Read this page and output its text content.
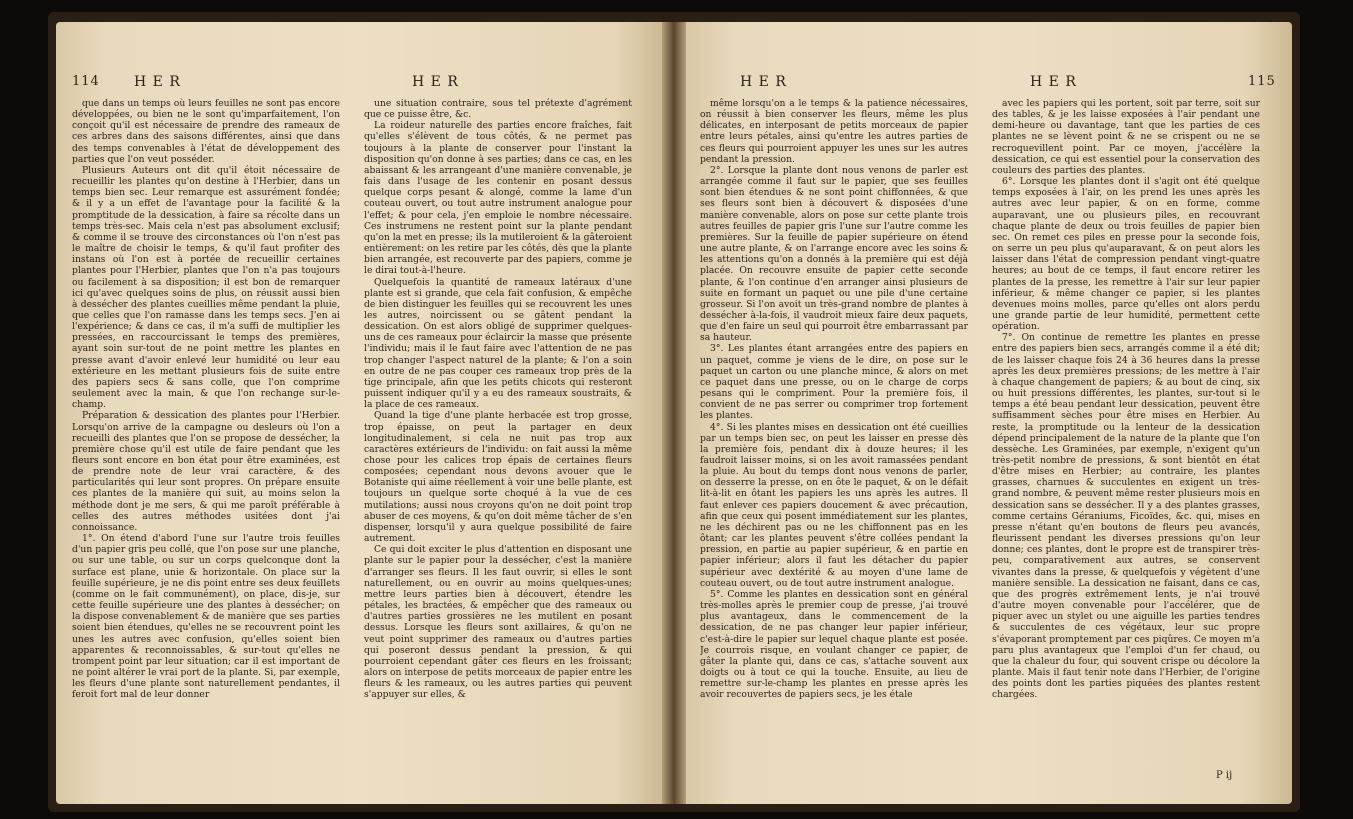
114 H E R	H E R

que dans un temps où leurs feuilles ne sont pas encore développées, ou bien ne le sont qu'imparfaitement, l'on conçoit qu'il est nécessaire de prendre des rameaux de ces arbres dans des saisons différentes, ainsi que dans des temps convenables à l'état de développement des parties que l'on veut posséder.

Plusieurs Auteurs ont dit qu'il étoit nécessaire de recueillir les plantes qu'on destine à l'Herbier, dans un temps bien sec. Leur remarque est assurément fondée; & il y a un effet de l'avantage pour la facilité & la promptitude de la dessication, à faire sa récolte dans un temps très-sec. Mais cela n'est pas absolument exclusif; & comme il se trouve des circonstances où l'on n'est pas le maître de choisir le temps, & qu'il faut profiter des instans où l'on est à portée de recueillir certaines plantes pour l'Herbier, plantes que l'on n'a pas toujours ou facilement à sa disposition; il est bon de remarquer ici qu'avec quelques soins de plus, on réussit aussi bien à dessécher des plantes cueillies même pendant la pluie, que celles que l'on ramasse dans les temps secs. J'en ai l'expérience; & dans ce cas, il m'a suffi de multiplier les pressées, en raccourcissant le temps des premières, ayant soin sur-tout de ne point mettre les plantes en presse avant d'avoir enlevé leur humidité ou leur eau extérieure en les mettant plusieurs fois de suite entre des papiers secs & sans colle, que l'on comprime seulement avec la main, & que l'on rechange sur-le-champ.

Préparation & dessication des plantes pour l'Herbier. Lorsqu'on arrive de la campagne ou desleurs où l'on a recueilli des plantes que l'on se propose de dessécher, la première chose qu'il est utile de faire pendant que les fleurs sont encore en bon état pour être examinées, est de prendre note de leur vrai caractère, & des particularités qui leur sont propres. On prépare ensuite ces plantes de la manière qui suit, au moins selon la méthode dont je me sers, & qui me paroît préférable à celles des autres méthodes usitées dont j'ai connoissance.

1°. On étend d'abord l'une sur l'autre trois feuilles d'un papier gris peu collé, que l'on pose sur une planche, ou sur une table, ou sur un corps quelconque dont la surface est plane, unie & horizontale. On place sur la feuille supérieure, je ne dis point entre ses deux feuillets (comme on le fait communément), on place, dis-je, sur cette feuille supérieure une des plantes à dessécher; on la dispose convenablement & de manière que ses parties soient bien étendues, qu'elles ne se recouvrent point les unes les autres avec confusion, qu'elles soient bien apparentes & reconnoissables, & sur-tout qu'elles ne trompent point par leur situation; car il est important de ne point altérer le vrai port de la plante. Si, par exemple, les fleurs d'une plante sont naturellement pendantes, il feroit fort mal de leur donner

une situation contraire, sous tel prétexte d'agrément que ce puisse être, &c.

La roideur naturelle des parties encore fraîches, fait qu'elles s'élèvent de tous côtés, & ne permet pas toujours à la plante de conserver pour l'instant la disposition qu'on donne à ses parties; dans ce cas, en les abaissant & les arrangeant d'une manière convenable, je fais dans l'usage de les contenir en posant dessus quelque corps pesant & alongé, comme la lame d'un couteau ouvert, ou tout autre instrument analogue pour l'effet; & pour cela, j'en emploie le nombre nécessaire. Ces instrumens ne restent point sur la plante pendant qu'on la met en presse; ils la mutileroient & la gâteroient entièrement: on les retire par les côtés, dès que la plante bien arrangée, est recouverte par des papiers, comme je le dirai tout-à-l'heure.

Quelquefois la quantité de rameaux latéraux d'une plante est si grande, que cela fait confusion, & empêche de bien distinguer les feuilles qui se recouvrent les unes les autres, noircissent ou se gâtent pendant la dessication. On est alors obligé de supprimer quelques-uns de ces rameaux pour éclaircir la masse que présente l'individu; mais il le faut faire avec l'attention de ne pas trop changer l'aspect naturel de la plante; & l'on a soin en outre de ne pas couper ces rameaux trop près de la tige principale, afin que les petits chicots qui resteront puissent indiquer qu'il y a eu des rameaux soustraits, & la place de ces rameaux.

Quand la tige d'une plante herbacée est trop grosse, trop épaisse, on peut la partager en deux longitudinalement, si cela ne nuit pas trop aux caractères extérieurs de l'individu: on fait aussi la même chose pour les calices trop épais de certaines fleurs composées; cependant nous devons avouer que le Botaniste qui aime réellement à voir une belle plante, est toujours un quelque sorte choqué à la vue de ces mutilations; aussi nous croyons qu'on ne doit point trop abuser de ces moyens, & qu'on doit même tâcher de s'en dispenser, lorsqu'il y aura quelque possibilité de faire autrement.

Ce qui doit exciter le plus d'attention en disposant une plante sur le papier pour la dessécher, c'est la manière d'arranger ses fleurs. Il les faut ouvrir, si elles le sont naturellement, ou en ouvrir au moins quelques-unes; mettre leurs parties bien à découvert, étendre les pétales, les bractées, & empêcher que des rameaux ou d'autres parties grossières ne les mutilent en posant dessus. Lorsque les fleurs sont axillaires, & qu'on ne veut point supprimer des rameaux ou d'autres parties qui poseront dessus pendant la pression, & qui pourroient cependant gâter ces fleurs en les froissant; alors on interpose de petits morceaux de papier entre les fleurs & les rameaux, ou les autres parties qui peuvent s'appuyer sur elles, &

H E R	H E R	115

même lorsqu'on a le temps & la patience nécessaires, on réussit à bien conserver les fleurs, même les plus délicates, en interposant de petits morceaux de papier entre leurs pétales, ainsi qu'entre les autres parties de ces fleurs qui pourroient appuyer les unes sur les autres pendant la pression.

2°. Lorsque la plante dont nous venons de parler est arrangée comme il faut sur le papier, que ses feuilles sont bien étendues & ne sont point chiffonnées, & que ses fleurs sont bien à découvert & disposées d'une manière convenable, alors on pose sur cette plante trois autres feuilles de papier gris l'une sur l'autre comme les premières. Sur la feuille de papier supérieure on étend une autre plante, & on l'arrange encore avec les soins & les attentions qu'on a donnés à la première qui est déjà placée. On recouvre ensuite de papier cette seconde plante, & l'on continue d'en arranger ainsi plusieurs de suite en formant un paquet ou une pile d'une certaine grosseur. Si l'on avoit un très-grand nombre de plantes à dessécher à-la-fois, il vaudroit mieux faire deux paquets, que d'en faire un seul qui pourroit être embarrassant par sa hauteur.

3°. Les plantes étant arrangées entre des papiers en un paquet, comme je viens de le dire, on pose sur le paquet un carton ou une planche mince, & alors on met ce paquet dans une presse, ou on le charge de corps pesans qui le compriment. Pour la première fois, il convient de ne pas serrer ou comprimer trop fortement les plantes.

4°. Si les plantes mises en dessication ont été cueillies par un temps bien sec, on peut les laisser en presse dès la première fois, pendant dix à douze heures; il les faudroit laisser moins, si on les avoit ramassées pendant la pluie. Au bout du temps dont nous venons de parler, on desserre la presse, on en ôte le paquet, & on le défait lit-à-lit en ôtant les papiers les uns après les autres. Il faut enlever ces papiers doucement & avec précaution, afin que ceux qui posent immédiatement sur les plantes, ne les déchirent pas ou ne les chiffonnent pas en les ôtant; car les plantes peuvent s'être collées pendant la pression, en partie au papier supérieur, & en partie en papier inférieur; alors il faut les détacher du papier supérieur avec dextérité & au moyen d'une lame de couteau ouvert, ou de tout autre instrument analogue.

5°. Comme les plantes en dessication sont en général très-molles après le premier coup de presse, j'ai trouvé plus avantageux, dans le commencement de la dessication, de ne pas changer leur papier inférieur, c'est-à-dire le papier sur lequel chaque plante est posée. Je courrois risque, en voulant changer ce papier, de gâter la plante qui, dans ce cas, s'attache souvent aux doigts ou à tout ce qui la touche. Ensuite, au lieu de remettre sur-le-champ les plantes en presse après les avoir recouvertes de papiers secs, je les étale

avec les papiers qui les portent, soit par terre, soit sur des tables, & je les laisse exposées à l'air pendant une demi-heure ou davantage, tant que les parties de ces plantes ne se lèvent point & ne se crispent ou ne se recroquevillent point. Par ce moyen, j'accélère la dessication, ce qui est essentiel pour la conservation des couleurs des parties des plantes.

6°. Lorsque les plantes dont il s'agit ont été quelque temps exposées à l'air, on les prend les unes après les autres avec leur papier, & on en forme, comme auparavant, une ou plusieurs piles, en recouvrant chaque plante de deux ou trois feuilles de papier bien sec. On remet ces piles en presse pour la seconde fois, on serre un peu plus qu'auparavant, & on peut alors les laisser dans l'état de compression pendant vingt-quatre heures; au bout de ce temps, il faut encore retirer les plantes de la presse, les remettre à l'air sur leur papier inférieur, & même changer ce papier, si les plantes devenues moins molles, parce qu'elles ont alors perdu une grande partie de leur humidité, permettent cette opération.

7°. On continue de remettre les plantes en presse entre des papiers bien secs, arrangés comme il a été dit; de les laisser chaque fois 24 à 36 heures dans la presse après les deux premières pressions; de les mettre à l'air à chaque changement de papiers; & au bout de cinq, six ou huit pressions différentes, les plantes, sur-tout si le temps a été beau pendant leur dessication, peuvent être suffisamment sèches pour être mises en Herbier. Au reste, la promptitude ou la lenteur de la dessication dépend principalement de la nature de la plante que l'on dessèche. Les Graminées, par exemple, n'exigent qu'un très-petit nombre de pressions, & sont bientôt en état d'être mises en Herbier; au contraire, les plantes grasses, charnues & succulentes en exigent un très-grand nombre, & peuvent même rester plusieurs mois en dessication sans se dessécher. Il y a des plantes grasses, comme certains Géraniums, Ficoïdes, &c. qui, mises en presse n'étant qu'en boutons de fleurs peu avancés, fleurissent pendant les diverses pressions qu'on leur donne; ces plantes, dont le propre est de transpirer très-peu, comparativement aux autres, se conservent vivantes dans la presse, & quelquefois y végètent d'une manière sensible. La dessication ne faisant, dans ce cas, que des progrès extrêmement lents, je n'ai trouvé d'autre moyen convenable pour l'accélérer, que de piquer avec un stylet ou une aiguille les parties tendres & succulentes de ces végétaux, leur suc propre s'évaporant promptement par ces piqûres. Ce moyen m'a paru plus avantageux que l'emploi d'un fer chaud, ou que la chaleur du four, qui souvent crispe ou décolore la plante. Mais il faut tenir note dans l'Herbier, de l'origine des points dont les parties piquées des plantes restent chargées.

P ij
